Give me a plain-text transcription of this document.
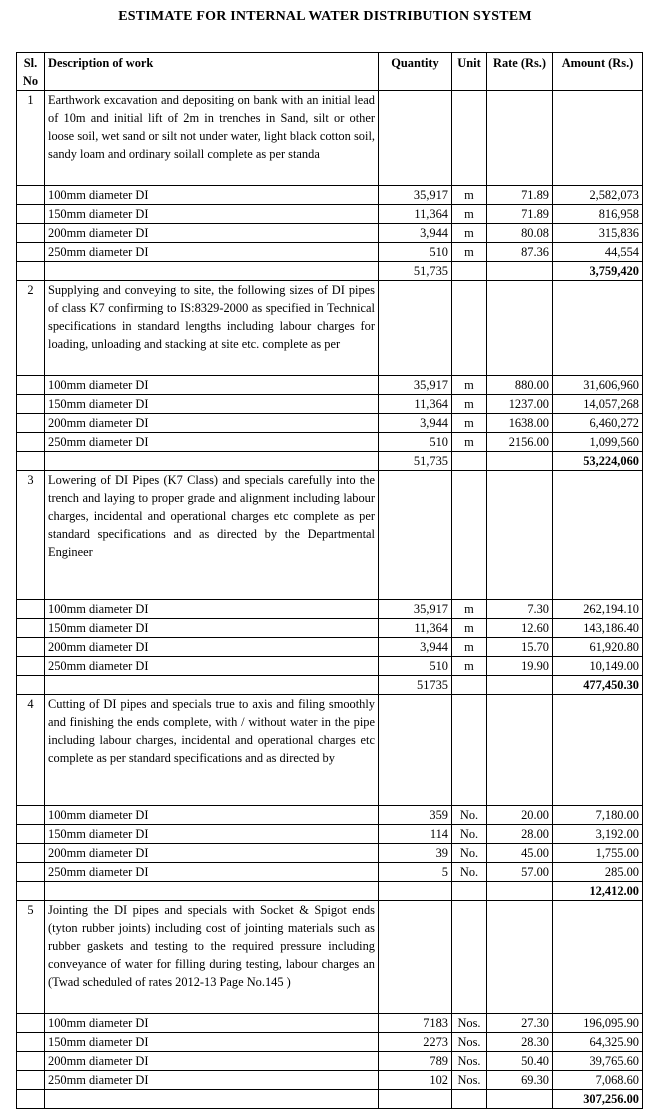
ESTIMATE FOR INTERNAL WATER DISTRIBUTION SYSTEM
Sl. No	Description of work	Quantity	Unit	Rate (Rs.)	Amount (Rs.)
1	Earthwork excavation and depositing on bank with an initial lead of 10m and initial lift of 2m in trenches in Sand, silt or other loose soil, wet sand or silt not under water, light black cotton soil, sandy loam and ordinary soilall complete as per standa				
	100mm diameter DI	35,917	m	71.89	2,582,073
	150mm diameter DI	11,364	m	71.89	816,958
	200mm diameter DI	3,944	m	80.08	315,836
	250mm diameter DI	510	m	87.36	44,554
		51,735			3,759,420
2	Supplying and conveying to site, the following sizes of DI pipes of class K7 confirming to IS:8329-2000 as specified in Technical specifications in standard lengths including labour charges for loading, unloading and stacking at site etc. complete as per				
	100mm diameter DI	35,917	m	880.00	31,606,960
	150mm diameter DI	11,364	m	1237.00	14,057,268
	200mm diameter DI	3,944	m	1638.00	6,460,272
	250mm diameter DI	510	m	2156.00	1,099,560
		51,735			53,224,060
3	Lowering of DI Pipes (K7 Class) and specials carefully into the trench and laying to proper grade and alignment including labour charges, incidental and operational charges etc complete as per standard specifications and as directed by the Departmental Engineer				
	100mm diameter DI	35,917	m	7.30	262,194.10
	150mm diameter DI	11,364	m	12.60	143,186.40
	200mm diameter DI	3,944	m	15.70	61,920.80
	250mm diameter DI	510	m	19.90	10,149.00
		51735			477,450.30
4	Cutting of DI pipes and specials true to axis and filing smoothly and finishing the ends complete, with / without water in the pipe including labour charges, incidental and operational charges etc complete as per standard specifications and as directed by				
	100mm diameter DI	359	No.	20.00	7,180.00
	150mm diameter DI	114	No.	28.00	3,192.00
	200mm diameter DI	39	No.	45.00	1,755.00
	250mm diameter DI	5	No.	57.00	285.00
					12,412.00
5	Jointing the DI pipes and specials with Socket & Spigot ends (tyton rubber joints) including cost of jointing materials such as rubber gaskets and testing to the required pressure including conveyance of water for filling during testing, labour charges an (Twad scheduled of rates 2012-13 Page No.145 )				
	100mm diameter DI	7183	Nos.	27.30	196,095.90
	150mm diameter DI	2273	Nos.	28.30	64,325.90
	200mm diameter DI	789	Nos.	50.40	39,765.60
	250mm diameter DI	102	Nos.	69.30	7,068.60
					307,256.00
